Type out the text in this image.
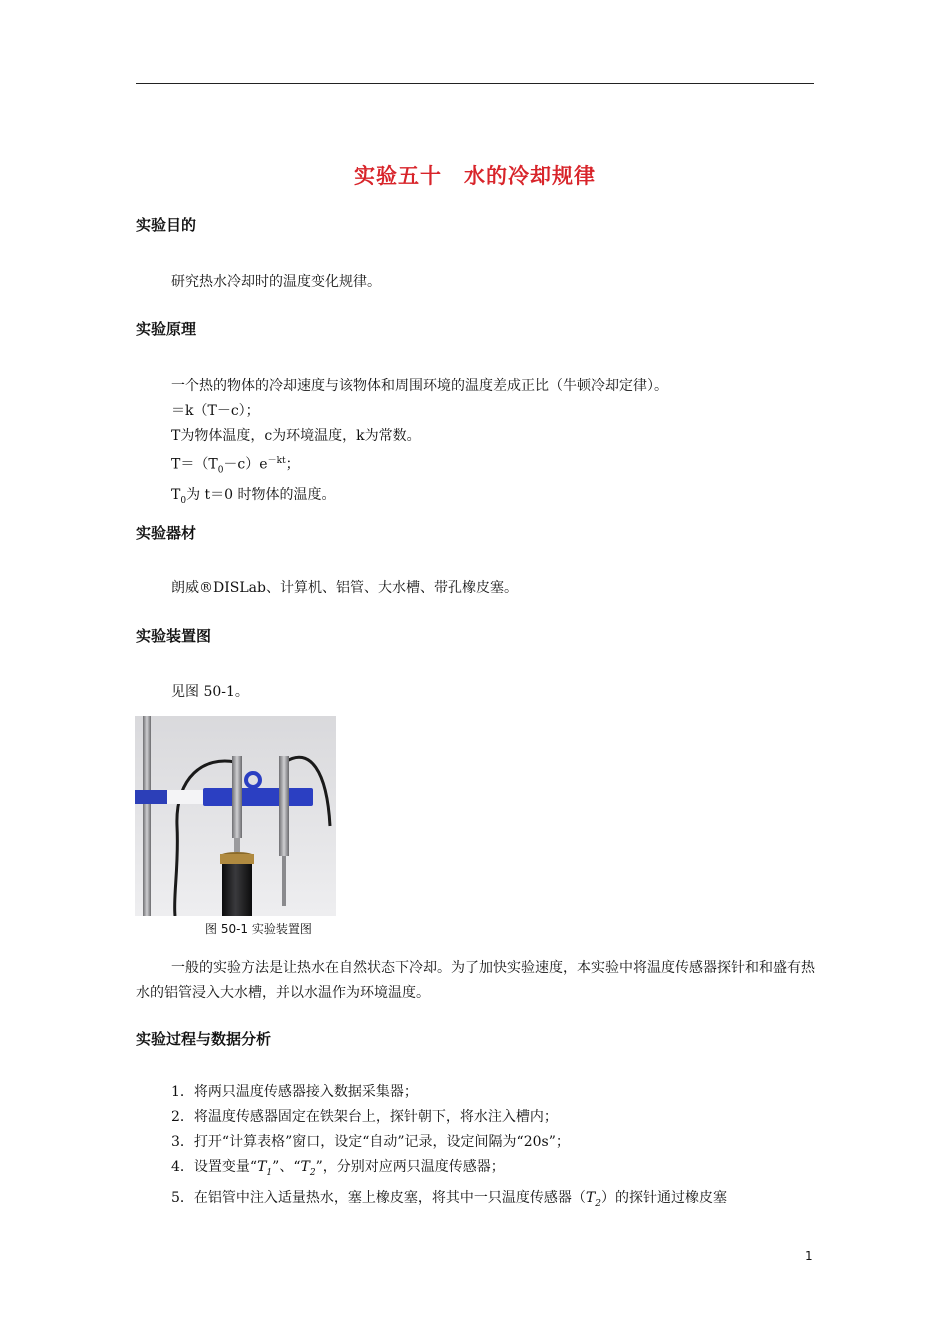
实验五十 水的冷却规律
实验目的
研究热水冷却时的温度变化规律。
实验原理
一个热的物体的冷却速度与该物体和周围环境的温度差成正比（牛顿冷却定律）。
＝k（T－c）；
T为物体温度，c为环境温度，k为常数。
$T=(T_0-c)e^{-kt}$；
$T_0$为 t＝0 时物体的温度。
实验器材
朗威®DISLab、计算机、铝管、大水槽、带孔橡皮塞。
实验装置图
见图 50-1。
图 50-1 实验装置图
一般的实验方法是让热水在自然状态下冷却。为了加快实验速度，本实验中将温度传感器探针和和盛有热水的铝管浸入大水槽，并以水温作为环境温度。
实验过程与数据分析
1．将两只温度传感器接入数据采集器；
2．将温度传感器固定在铁架台上，探针朝下，将水注入槽内；
3．打开“计算表格”窗口，设定“自动”记录，设定间隔为“20s”；
4．设置变量“$T_1$”、“$T_2$”，分别对应两只温度传感器；
5．在铝管中注入适量热水，塞上橡皮塞，将其中一只温度传感器$(T_2)$的探针通过橡皮塞
1
